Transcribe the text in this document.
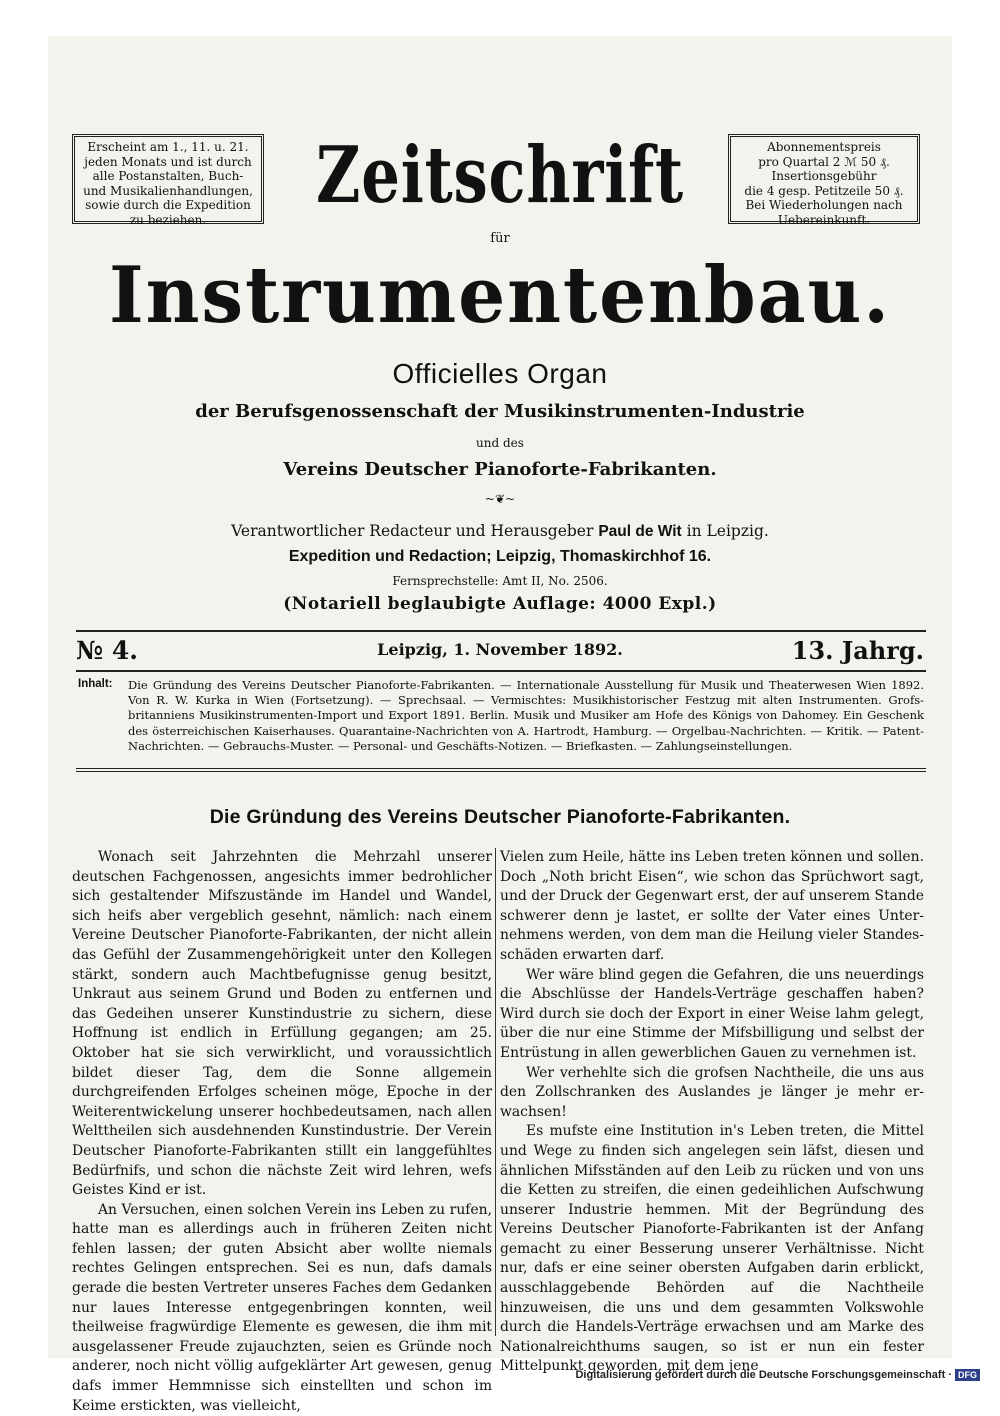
Erscheint am 1., 11. u. 21.
jeden Monats und ist durch
alle Postanstalten, Buch-
und Musikalienhandlungen,
sowie durch die Expedition
zu beziehen.
Abonnementspreis
pro Quartal 2 ℳ 50 ₰.
Insertionsgebühr
die 4 gesp. Petitzeile 50 ₰.
Bei Wiederholungen nach
Uebereinkunft.
Zeitschrift
für
Instrumentenbau.
Officielles Organ
der Berufsgenossenschaft der Musikinstrumenten-Industrie
und des
Vereins Deutscher Pianoforte-Fabrikanten.
~❦~
Verantwortlicher Redacteur und Herausgeber Paul de Wit in Leipzig.
Expedition und Redaction; Leipzig, Thomaskirchhof 16.
Fernsprechstelle: Amt II, No. 2506.
(Notariell beglaubigte Auflage: 4000 Expl.)
№ 4.	Leipzig, 1. November 1892.	13. Jahrg.
Inhalt: Die Gründung des Vereins Deutscher Pianoforte-Fabrikanten. — Internationale Ausstellung für Musik und Theaterwesen Wien 1892. Von R. W. Kurka in Wien (Fortsetzung). — Sprechsaal. — Vermischtes: Musikhistorischer Festzug mit alten Instrumenten. Grofsbritanniens Musikinstrumenten-Import und Export 1891. Berlin. Musik und Musiker am Hofe des Königs von Dahomey. Ein Geschenk des österreichischen Kaiserhauses. Quarantaine-Nachrichten von A. Hartrodt, Hamburg. — Orgelbau-Nachrichten. — Kritik. — Patent-Nachrichten. — Gebrauchs-Muster. — Personal- und Geschäfts-Notizen. — Briefkasten. — Zahlungseinstellungen.
Die Gründung des Vereins Deutscher Pianoforte-Fabrikanten.

Wonach seit Jahrzehnten die Mehrzahl unserer deutschen Fachgenossen, angesichts immer bedrohlicher sich gestaltender Mifszustände im Handel und Wandel, sich heifs aber vergeblich gesehnt, nämlich: nach einem Vereine Deutscher Pianoforte-Fabrikanten, der nicht allein das Gefühl der Zusammengehörigkeit unter den Kollegen stärkt, sondern auch Machtbefugnisse genug besitzt, Unkraut aus seinem Grund und Boden zu entfernen und das Gedeihen unserer Kunstindustrie zu sichern, diese Hoffnung ist endlich in Erfüllung gegangen; am 25. Oktober hat sie sich verwirklicht, und voraussichtlich bildet dieser Tag, dem die Sonne allgemein durchgreifenden Erfolges scheinen möge, Epoche in der Weiterentwickelung unserer hochbedeutsamen, nach allen Welttheilen sich ausdehnenden Kunstindustrie. Der Verein Deutscher Pianoforte-Fabrikanten stillt ein langgefühltes Bedürfnifs, und schon die nächste Zeit wird lehren, wefs Geistes Kind er ist.

An Versuchen, einen solchen Verein ins Leben zu rufen, hatte man es allerdings auch in früheren Zeiten nicht fehlen lassen; der guten Absicht aber wollte niemals rechtes Gelingen entsprechen. Sei es nun, dafs damals gerade die besten Vertreter unseres Faches dem Gedanken nur laues Interesse entgegenbringen konnten, weil theilweise fragwürdige Elemente es gewesen, die ihm mit ausgelassener Freude zujauchzten, seien es Gründe noch anderer, noch nicht völlig aufgeklärter Art gewesen, genug dafs immer Hemmnisse sich einstellten und schon im Keime erstickten, was vielleicht,

Vielen zum Heile, hätte ins Leben treten können und sollen. Doch „Noth bricht Eisen“, wie schon das Sprüchwort sagt, und der Druck der Gegenwart erst, der auf unserem Stande schwerer denn je lastet, er sollte der Vater eines Unternehmens werden, von dem man die Heilung vieler Standesschäden erwarten darf.

Wer wäre blind gegen die Gefahren, die uns neuerdings die Abschlüsse der Handels-Verträge geschaffen haben? Wird durch sie doch der Export in einer Weise lahm gelegt, über die nur eine Stimme der Mifsbilligung und selbst der Entrüstung in allen gewerblichen Gauen zu vernehmen ist.

Wer verhehlte sich die grofsen Nachtheile, die uns aus den Zollschranken des Auslandes je länger je mehr erwachsen!

Es mufste eine Institution in's Leben treten, die Mittel und Wege zu finden sich angelegen sein läfst, diesen und ähnlichen Mifsständen auf den Leib zu rücken und von uns die Ketten zu streifen, die einen gedeihlichen Aufschwung unserer Industrie hemmen. Mit der Begründung des Vereins Deutscher Pianoforte-Fabrikanten ist der Anfang gemacht zu einer Besserung unserer Verhältnisse. Nicht nur, dafs er eine seiner obersten Aufgaben darin erblickt, ausschlaggebende Behörden auf die Nachtheile hinzuweisen, die uns und dem gesammten Volkswohle durch die Handels-Verträge erwachsen und am Marke des Nationalreichthums saugen, so ist er nun ein fester Mittelpunkt geworden, mit dem jene

Digitalisierung gefördert durch die Deutsche Forschungsgemeinschaft · DFG
